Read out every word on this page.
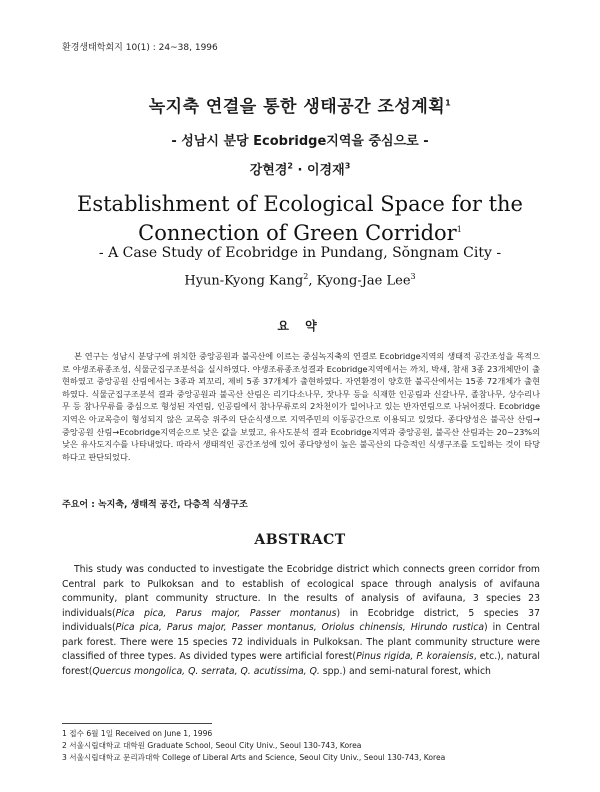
환경생태학회지 10(1) : 24~38, 1996
녹지축 연결을 통한 생태공간 조성계획$^1$
- 성남시 분당 Ecobridge지역을 중심으로 -
강현경$^2$ · 이경재$^3$
Establishment of Ecological Space for the
Connection of Green Corridor$^1$
- A Case Study of Ecobridge in Pundang, Sŏngnam City -
Hyun-Kyong Kang$^2$, Kyong-Jae Lee$^3$
요 약

본 연구는 성남시 분당구에 위치한 중앙공원과 불곡산에 이르는 중심녹지축의 연결로 Ecobridge지역의 생태적 공간조성을 목적으로 야생조류종조성, 식물군집구조분석을 실시하였다. 야생조류종조성결과 Ecobridge지역에서는 까치, 박새, 참새 3종 23개체만이 출현하였고 중앙공원 산림에서는 3종과 꾀꼬리, 제비 5종 37개체가 출현하였다. 자연환경이 양호한 불곡산에서는 15종 72개체가 출현하였다. 식물군집구조분석 결과 중앙공원과 불곡산 산림은 리기다소나무, 잣나무 등을 식재한 인공림과 신갈나무, 졸참나무, 상수리나무 등 참나무류를 중심으로 형성된 자연림, 인공림에서 참나무류로의 2차천이가 일어나고 있는 반자연림으로 나뉘어졌다. Ecobridge지역은 아교목층이 형성되지 않은 교목층 위주의 단순식생으로 지역주민의 이동공간으로 이용되고 있었다. 종다양성은 불곡산 산림→중앙공원 산림→Ecobridge지역순으로 낮은 값을 보였고, 유사도분석 결과 Ecobridge지역과 중앙공원, 불곡산 산림과는 20~23%의 낮은 유사도지수를 나타내었다. 따라서 생태적인 공간조성에 있어 종다양성이 높은 불곡산의 다층적인 식생구조를 도입하는 것이 타당하다고 판단되었다.

주요어 : 녹지축, 생태적 공간, 다층적 식생구조
ABSTRACT

This study was conducted to investigate the Ecobridge district which connects green corridor from Central park to Pulkoksan and to establish of ecological space through analysis of avifauna community, plant community structure. In the results of analysis of avifauna, 3 species 23 individuals(Pica pica, Parus major, Passer montanus) in Ecobridge district, 5 species 37 individuals(Pica pica, Parus major, Passer montanus, Oriolus chinensis, Hirundo rustica) in Central park forest. There were 15 species 72 individuals in Pulkoksan. The plant community structure were classified of three types. As divided types were artificial forest(Pinus rigida, P. koraiensis, etc.), natural forest(Quercus mongolica, Q. serrata, Q. acutissima, Q. spp.) and semi-natural forest, which

1 접수 6월 1일 Received on June 1, 1996
2 서울시립대학교 대학원 Graduate School, Seoul City Univ., Seoul 130-743, Korea
3 서울시립대학교 문리과대학 College of Liberal Arts and Science, Seoul City Univ., Seoul 130-743, Korea
